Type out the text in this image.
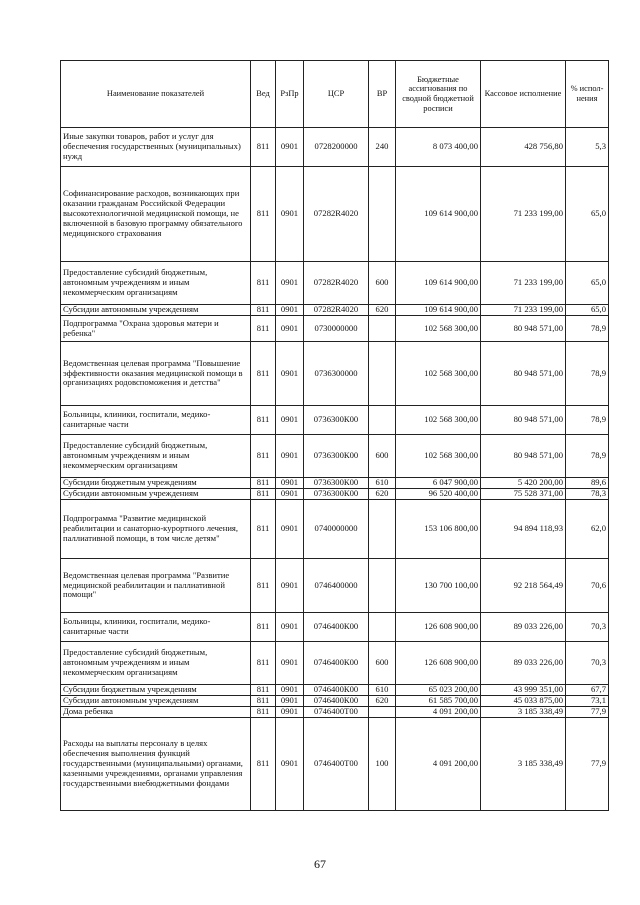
Наименование показателей	Вед	РзПр	ЦСР	ВР	Бюджетные ассигнования по сводной бюджетной росписи	Кассовое исполнение	% испол-нения
Иные закупки товаров, работ и услуг для обеспечения государственных (муниципальных) нужд	811	0901	0728200000	240	8 073 400,00	428 756,80	5,3
Софинансирование расходов, возникающих при оказании гражданам Российской Федерации высокотехнологичной медицинской помощи, не включенной в базовую программу обязательного медицинского страхования	811	0901	07282R4020		109 614 900,00	71 233 199,00	65,0
Предоставление субсидий бюджетным, автономным учреждениям и иным некоммерческим организациям	811	0901	07282R4020	600	109 614 900,00	71 233 199,00	65,0
Субсидии автономным учреждениям	811	0901	07282R4020	620	109 614 900,00	71 233 199,00	65,0
Подпрограмма "Охрана здоровья матери и ребенка"	811	0901	0730000000		102 568 300,00	80 948 571,00	78,9
Ведомственная целевая программа "Повышение эффективности оказания медицинской помощи в организациях родовспоможения и детства"	811	0901	0736300000		102 568 300,00	80 948 571,00	78,9
Больницы, клиники, госпитали, медико-санитарные части	811	0901	0736300К00		102 568 300,00	80 948 571,00	78,9
Предоставление субсидий бюджетным, автономным учреждениям и иным некоммерческим организациям	811	0901	0736300К00	600	102 568 300,00	80 948 571,00	78,9
Субсидии бюджетным учреждениям	811	0901	0736300К00	610	6 047 900,00	5 420 200,00	89,6
Субсидии автономным учреждениям	811	0901	0736300К00	620	96 520 400,00	75 528 371,00	78,3
Подпрограмма "Развитие медицинской реабилитации и санаторно-курортного лечения, паллиативной помощи, в том числе детям"	811	0901	0740000000		153 106 800,00	94 894 118,93	62,0
Ведомственная целевая программа "Развитие медицинской реабилитации и паллиативной помощи"	811	0901	0746400000		130 700 100,00	92 218 564,49	70,6
Больницы, клиники, госпитали, медико-санитарные части	811	0901	0746400К00		126 608 900,00	89 033 226,00	70,3
Предоставление субсидий бюджетным, автономным учреждениям и иным некоммерческим организациям	811	0901	0746400К00	600	126 608 900,00	89 033 226,00	70,3
Субсидии бюджетным учреждениям	811	0901	0746400К00	610	65 023 200,00	43 999 351,00	67,7
Субсидии автономным учреждениям	811	0901	0746400К00	620	61 585 700,00	45 033 875,00	73,1
Дома ребенка	811	0901	0746400Т00		4 091 200,00	3 185 338,49	77,9
Расходы на выплаты персоналу в целях обеспечения выполнения функций государственными (муниципальными) органами, казенными учреждениями, органами управления государственными внебюджетными фондами	811	0901	0746400Т00	100	4 091 200,00	3 185 338,49	77,9
67
